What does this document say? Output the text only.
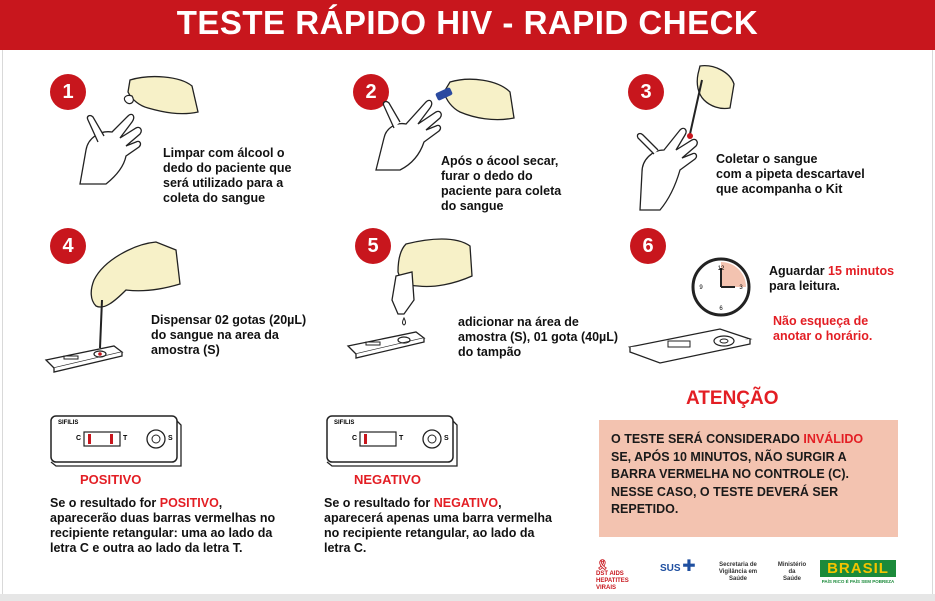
TESTE RÁPIDO HIV - RAPID CHECK
1
Limpar com álcool o
dedo do paciente que
será utilizado para a
coleta do sangue
2
Após o ácool secar,
furar o dedo do
paciente para coleta
do sangue
3
Coletar o sangue
com a pipeta descartavel
que acompanha o Kit
4
Dispensar 02 gotas (20µL)
do sangue na area da
amostra (S)
5
adicionar na área de
amostra (S), 01 gota (40µL)
do tampão
6
12
3
6
9
Aguardar 15 minutos
para leitura.
Não esqueça de
anotar o horário.
SIFILIS
C	T	S
POSITIVO
Se o resultado for POSITIVO, aparecerão duas barras vermelhas no recipiente retangular: uma ao lado da letra C e outra ao lado da letra T.
SIFILIS
C	T	S
NEGATIVO
Se o resultado for NEGATIVO, aparecerá apenas uma barra vermelha no recipiente retangular, ao lado da letra C.
ATENÇÃO
O TESTE SERÁ CONSIDERADO INVÁLIDO SE, APÓS 10 MINUTOS, NÃO SURGIR A BARRA VERMELHA NO CONTROLE (C). NESSE CASO, O TESTE DEVERÁ SER REPETIDO.
🎗 DST AIDS
HEPATITES VIRAIS
SUS ✚	Secretaria de
Vigilância em Saúde
Ministério da
Saúde
BRASIL
PAÍS RICO É PAÍS SEM POBREZA
